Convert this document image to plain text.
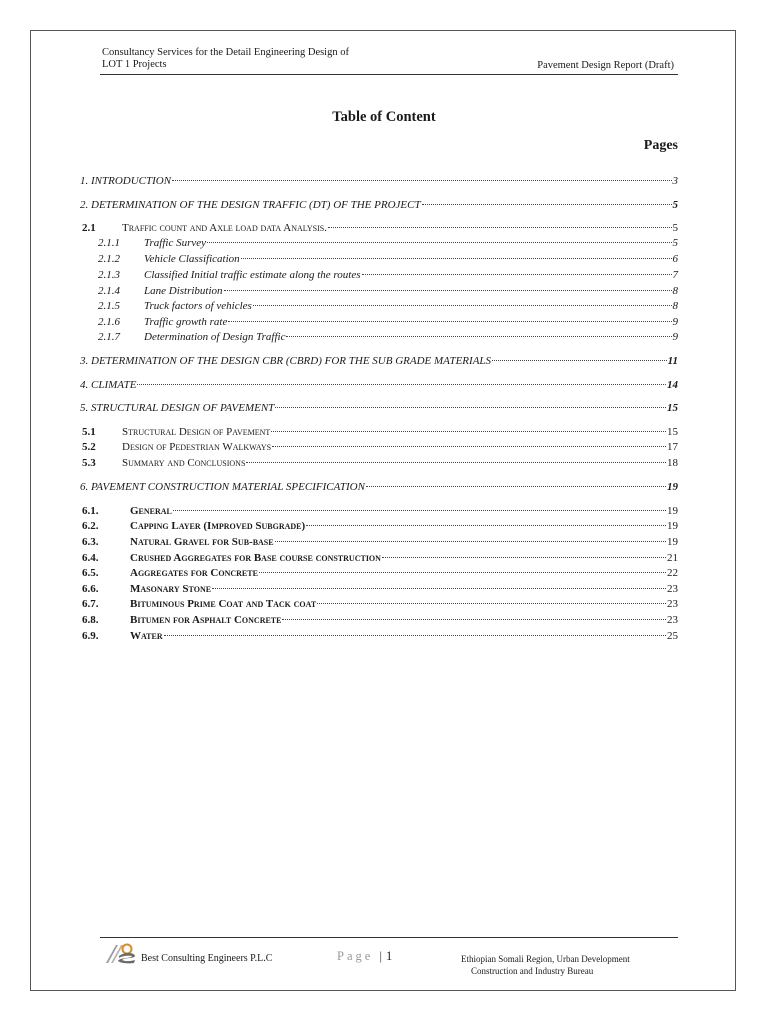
Consultancy Services for the Detail Engineering Design of
LOT 1 Projects	Pavement Design Report (Draft)
Table of Content
Pages
1. INTRODUCTION	3
2. DETERMINATION OF THE DESIGN TRAFFIC (DT) OF THE PROJECT	5
2.1	Traffic count and Axle load data Analysis.	5
2.1.1	Traffic Survey	5
2.1.2	Vehicle Classification	6
2.1.3	Classified Initial traffic estimate along the routes	7
2.1.4	Lane Distribution	8
2.1.5	Truck factors of vehicles	8
2.1.6	Traffic growth rate	9
2.1.7	Determination of Design Traffic	9
3. DETERMINATION OF THE DESIGN CBR (CBRD) FOR THE SUB GRADE MATERIALS	11
4. CLIMATE	14
5. STRUCTURAL DESIGN OF PAVEMENT	15
5.1	Structural Design of Pavement	15
5.2	Design of Pedestrian Walkways	17
5.3	Summary and Conclusions	18
6. PAVEMENT CONSTRUCTION MATERIAL SPECIFICATION	19
6.1.	General	19
6.2.	Capping Layer (Improved Subgrade)	19
6.3.	Natural Gravel for Sub-base	19
6.4.	Crushed Aggregates for Base course construction	21
6.5.	Aggregates for Concrete	22
6.6.	Masonary Stone	23
6.7.	Bituminous Prime Coat and Tack coat	23
6.8.	Bitumen for Asphalt Concrete	23
6.9.	Water	25
Best Consulting Engineers P.L.C	Page | 1	Ethiopian Somali Region, Urban Development
Construction and Industry Bureau
